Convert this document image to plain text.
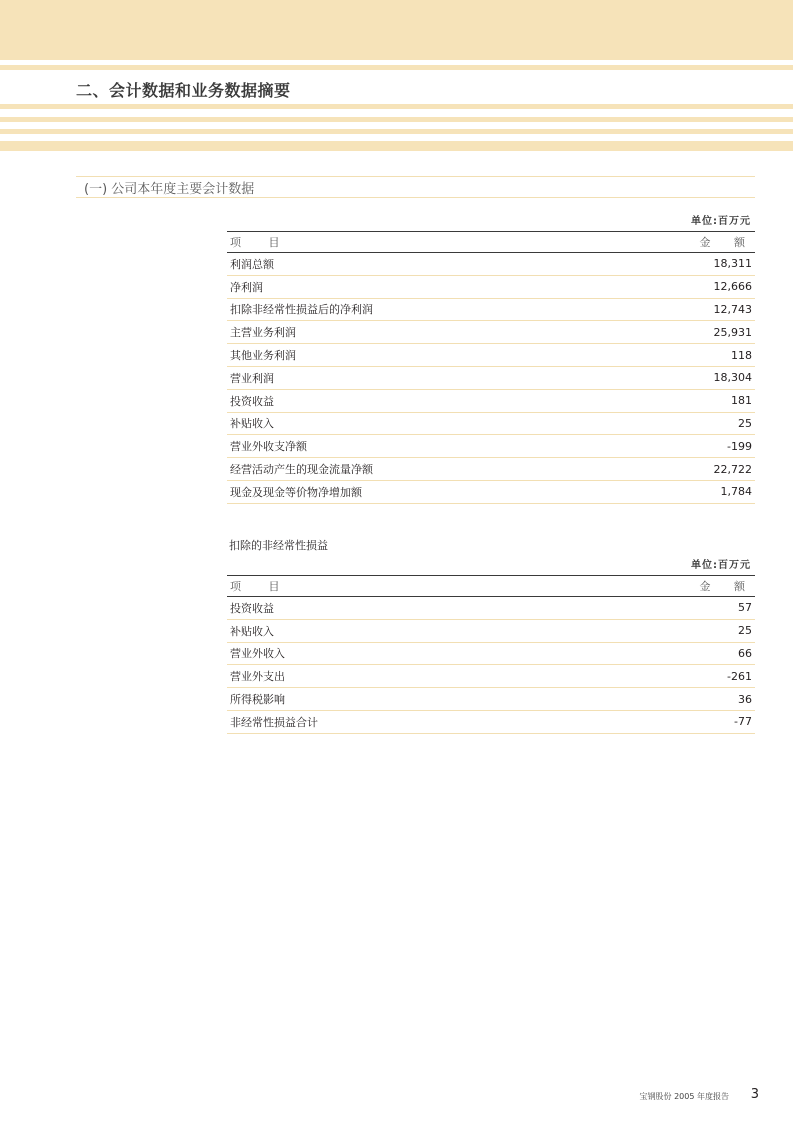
二、会计数据和业务数据摘要
(一) 公司本年度主要会计数据
单位:百万元
项 目	金 额
利润总额	18,311
净利润	12,666
扣除非经常性损益后的净利润	12,743
主营业务利润	25,931
其他业务利润	118
营业利润	18,304
投资收益	181
补贴收入	25
营业外收支净额	-199
经营活动产生的现金流量净额	22,722
现金及现金等价物净增加额	1,784
扣除的非经常性损益
单位:百万元
项 目	金 额
投资收益	57
补贴收入	25
营业外收入	66
营业外支出	-261
所得税影响	36
非经常性损益合计	-77
宝钢股份 2005 年度报告 3
